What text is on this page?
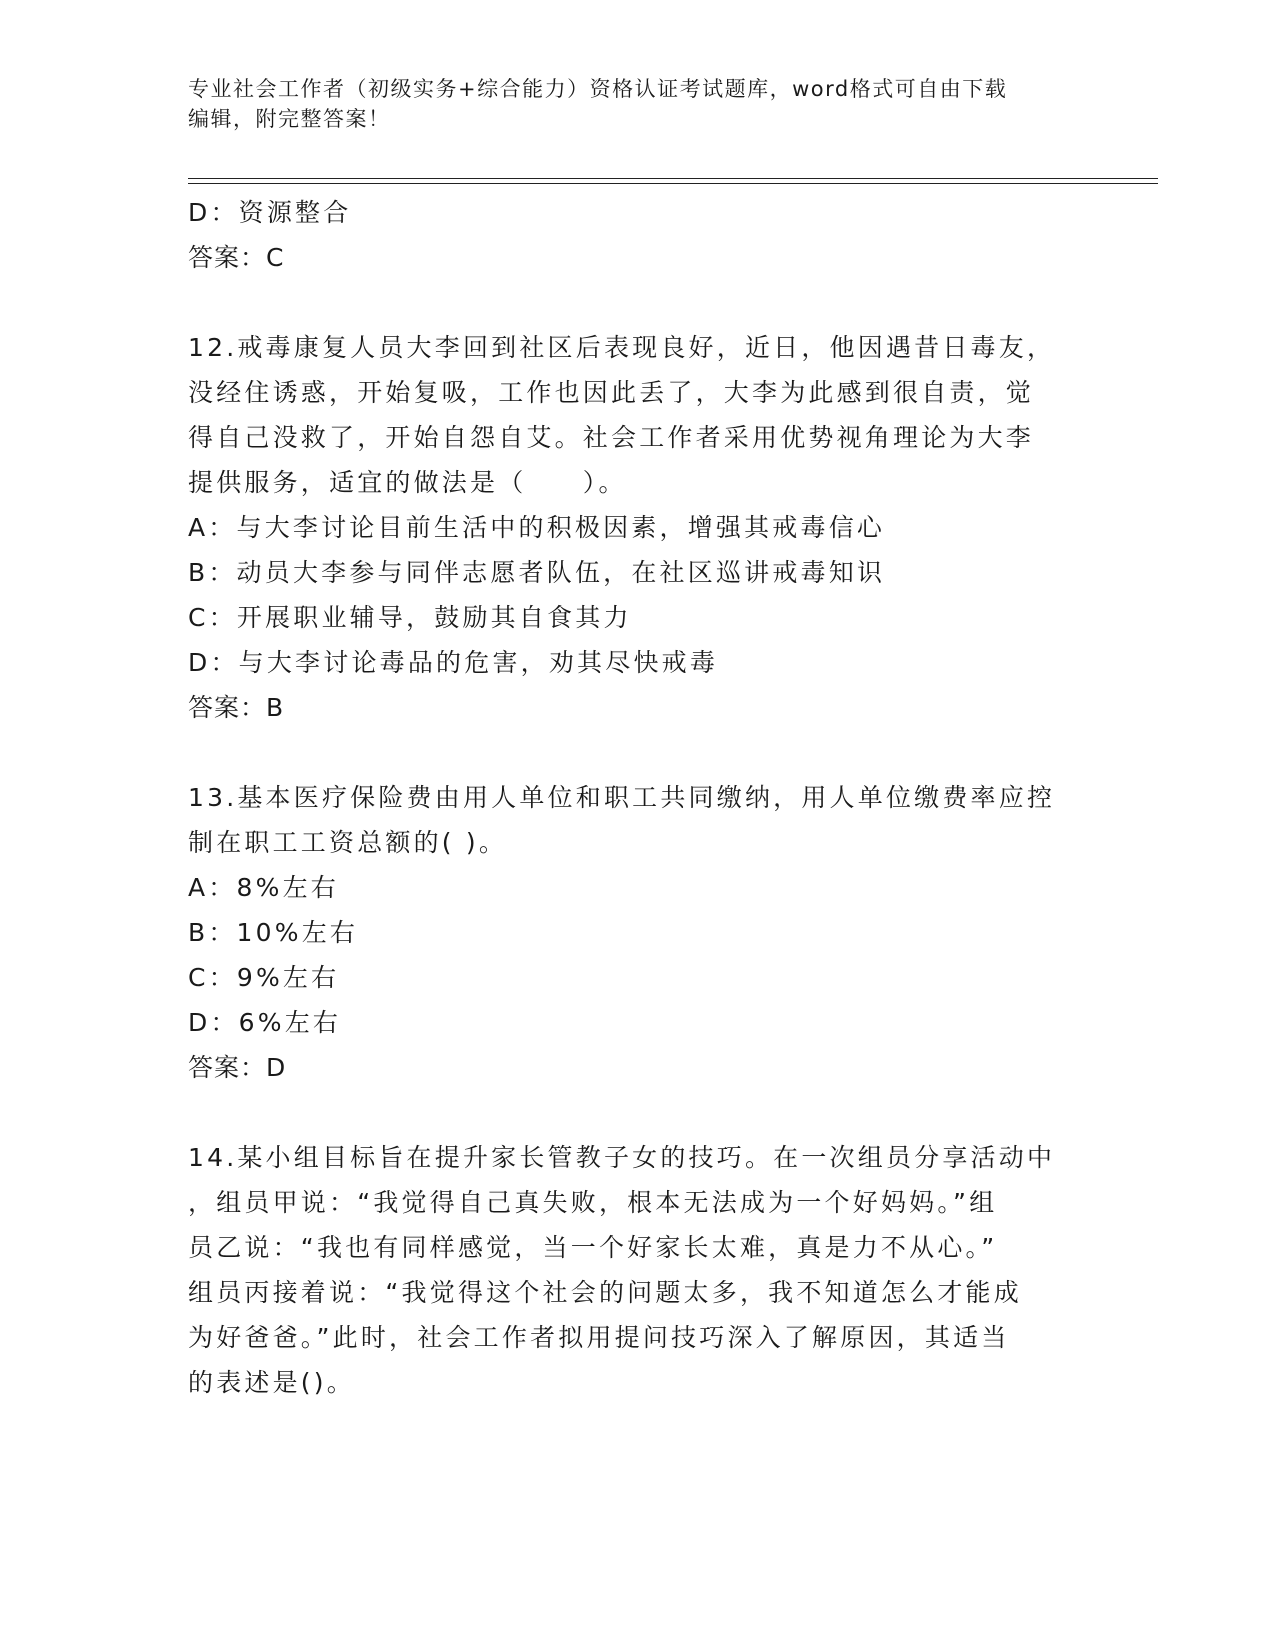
专业社会工作者（初级实务+综合能力）资格认证考试题库，word格式可自由下载

编辑，附完整答案！

D：资源整合

答案：C

12.戒毒康复人员大李回到社区后表现良好，近日，他因遇昔日毒友，

没经住诱惑，开始复吸，工作也因此丢了，大李为此感到很自责，觉

得自己没救了，开始自怨自艾。社会工作者采用优势视角理论为大李

提供服务，适宜的做法是（　　）。

A：与大李讨论目前生活中的积极因素，增强其戒毒信心

B：动员大李参与同伴志愿者队伍，在社区巡讲戒毒知识

C：开展职业辅导，鼓励其自食其力

D：与大李讨论毒品的危害，劝其尽快戒毒

答案：B

13.基本医疗保险费由用人单位和职工共同缴纳，用人单位缴费率应控

制在职工工资总额的( )。

A：8%左右

B：10%左右

C：9%左右

D：6%左右

答案：D

14.某小组目标旨在提升家长管教子女的技巧。在一次组员分享活动中

，组员甲说：“我觉得自己真失败，根本无法成为一个好妈妈。”组

员乙说：“我也有同样感觉，当一个好家长太难，真是力不从心。”

组员丙接着说：“我觉得这个社会的问题太多，我不知道怎么才能成

为好爸爸。”此时，社会工作者拟用提问技巧深入了解原因，其适当

的表述是()。
